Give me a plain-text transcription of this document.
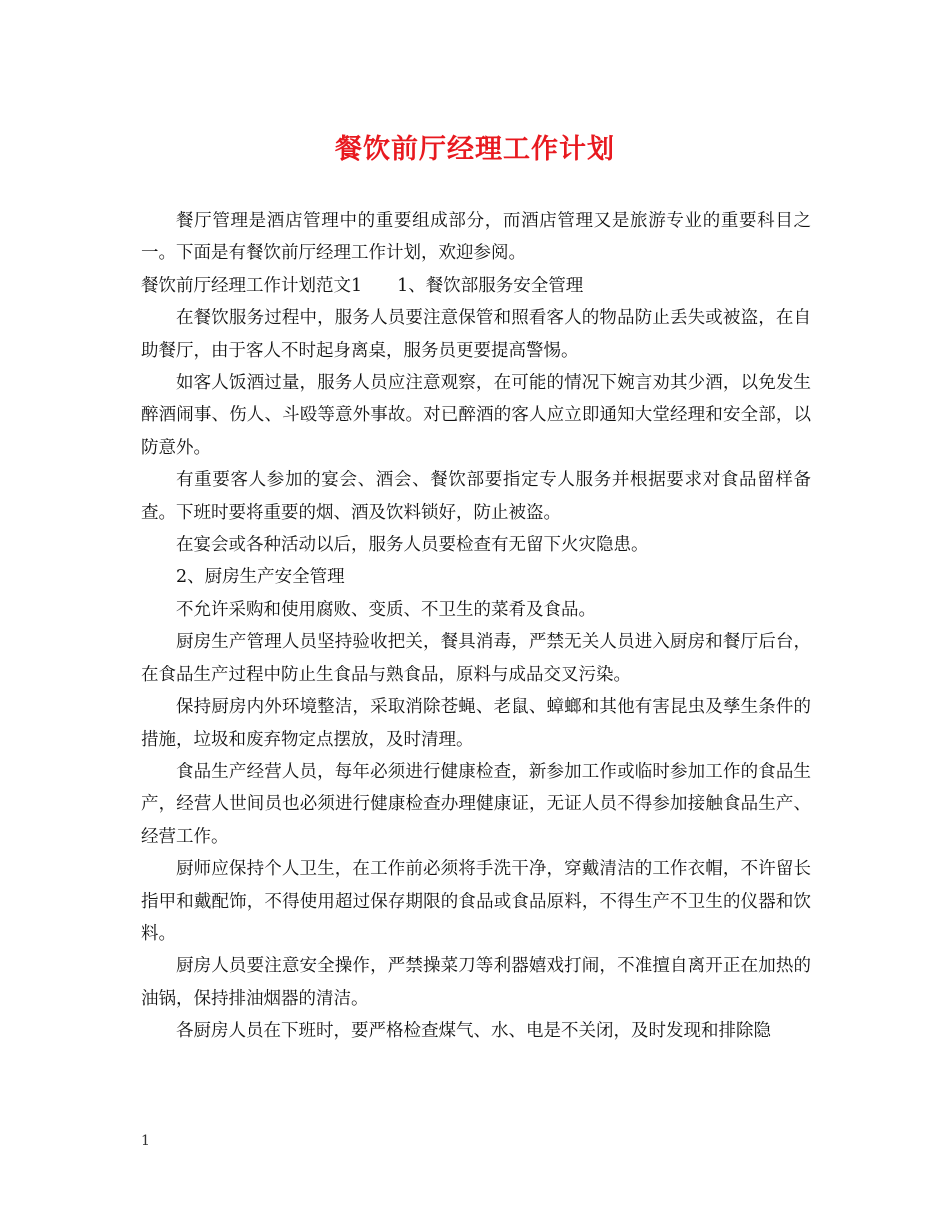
餐饮前厅经理工作计划

餐厅管理是酒店管理中的重要组成部分，而酒店管理又是旅游专业的重要科目之一。下面是有餐饮前厅经理工作计划，欢迎参阅。

餐饮前厅经理工作计划范文1　　1、餐饮部服务安全管理

在餐饮服务过程中，服务人员要注意保管和照看客人的物品防止丢失或被盗，在自助餐厅，由于客人不时起身离桌，服务员更要提高警惕。

如客人饭酒过量，服务人员应注意观察，在可能的情况下婉言劝其少酒，以免发生醉酒闹事、伤人、斗殴等意外事故。对已醉酒的客人应立即通知大堂经理和安全部，以防意外。

有重要客人参加的宴会、酒会、餐饮部要指定专人服务并根据要求对食品留样备查。下班时要将重要的烟、酒及饮料锁好，防止被盗。

在宴会或各种活动以后，服务人员要检查有无留下火灾隐患。

2、厨房生产安全管理

不允许采购和使用腐败、变质、不卫生的菜肴及食品。

厨房生产管理人员坚持验收把关，餐具消毒，严禁无关人员进入厨房和餐厅后台，在食品生产过程中防止生食品与熟食品，原料与成品交叉污染。

保持厨房内外环境整洁，采取消除苍蝇、老鼠、蟑螂和其他有害昆虫及孳生条件的措施，垃圾和废弃物定点摆放，及时清理。

食品生产经营人员，每年必须进行健康检查，新参加工作或临时参加工作的食品生产，经营人世间员也必须进行健康检查办理健康证，无证人员不得参加接触食品生产、经营工作。

厨师应保持个人卫生，在工作前必须将手洗干净，穿戴清洁的工作衣帽，不许留长指甲和戴配饰，不得使用超过保存期限的食品或食品原料，不得生产不卫生的仪器和饮料。

厨房人员要注意安全操作，严禁操菜刀等利器嬉戏打闹，不准擅自离开正在加热的油锅，保持排油烟器的清洁。

各厨房人员在下班时，要严格检查煤气、水、电是不关闭，及时发现和排除隐

1
